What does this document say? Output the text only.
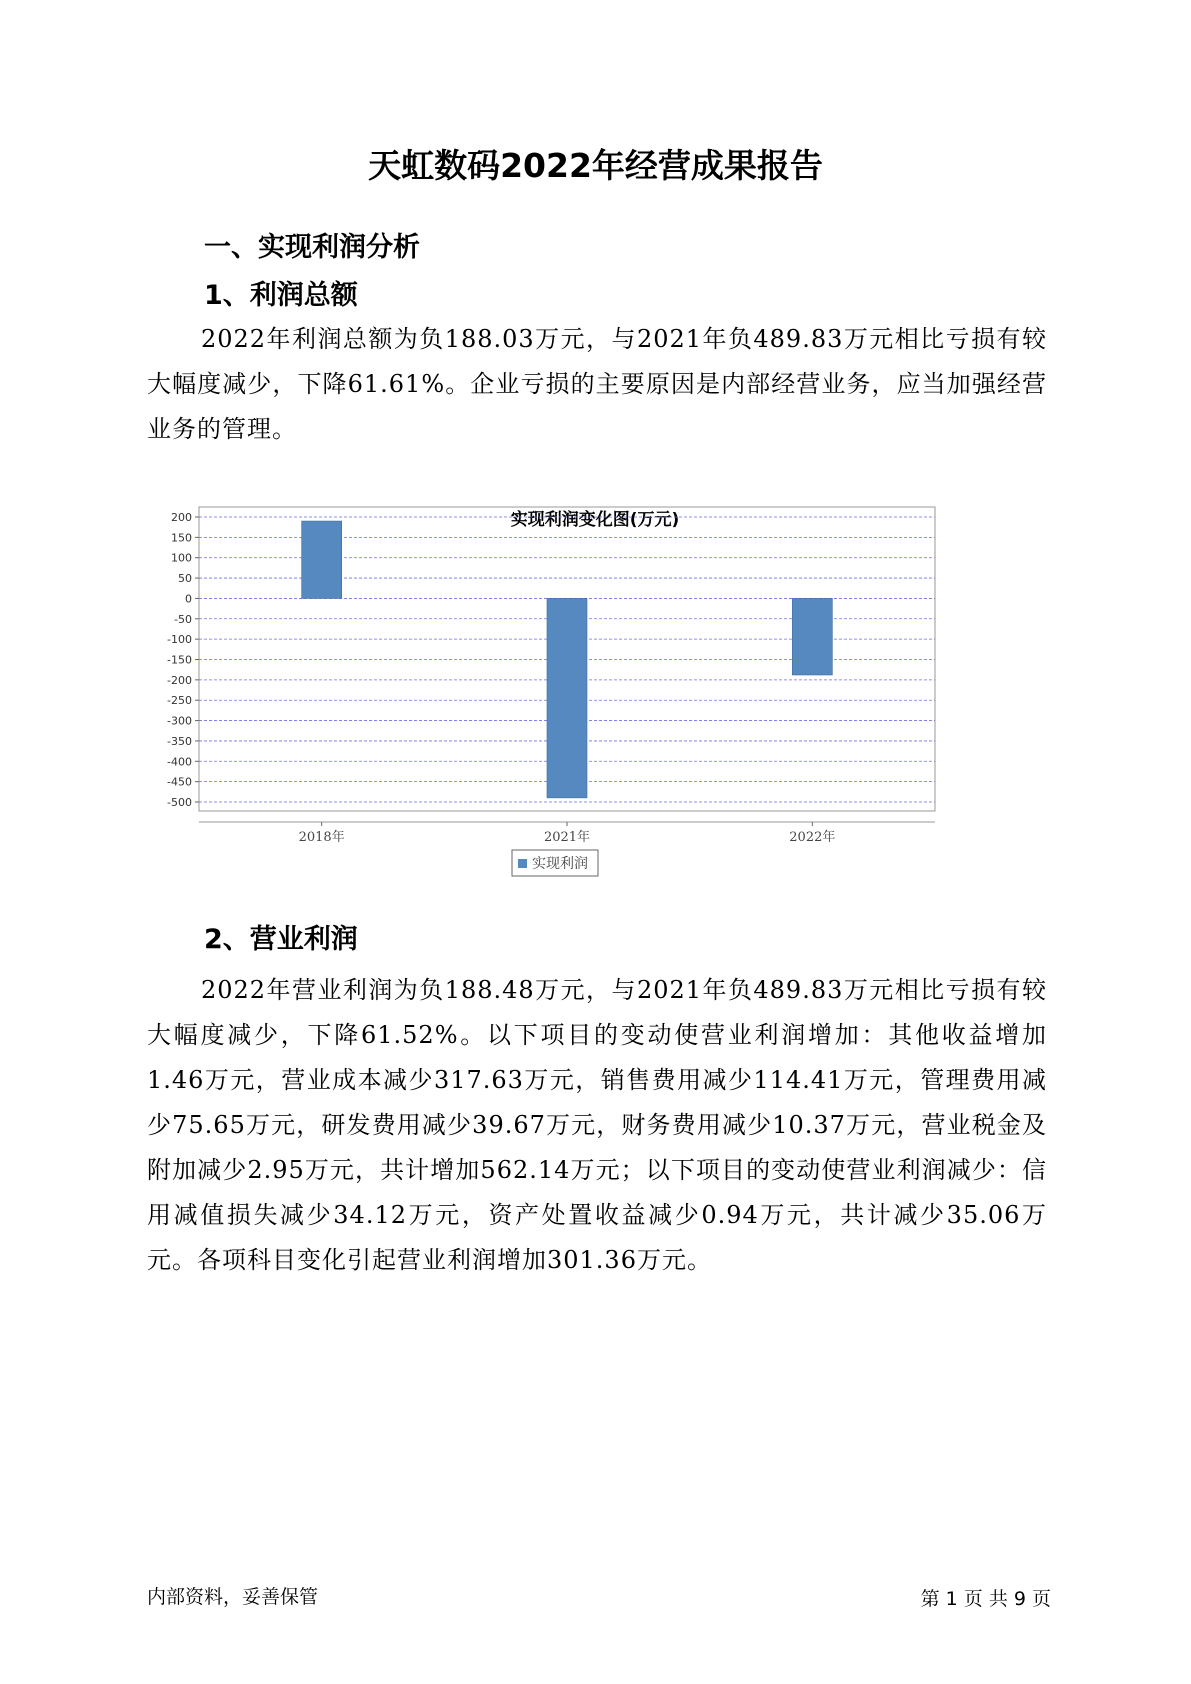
天虹数码2022年经营成果报告
一、实现利润分析
1、利润总额
2022年利润总额为负188.03万元，与2021年负489.83万元相比亏损有较大幅度减少，下降61.61%。企业亏损的主要原因是内部经营业务，应当加强经营业务的管理。
实现利润变化图(万元)
200
150
100
50
0
-50
-100
-150
-200
-250
-300
-350
-400
-450
-500
2018年	2021年	2022年
实现利润
2、营业利润
2022年营业利润为负188.48万元，与2021年负489.83万元相比亏损有较大幅度减少，下降61.52%。以下项目的变动使营业利润增加：其他收益增加1.46万元，营业成本减少317.63万元，销售费用减少114.41万元，管理费用减少75.65万元，研发费用减少39.67万元，财务费用减少10.37万元，营业税金及附加减少2.95万元，共计增加562.14万元；以下项目的变动使营业利润减少：信用减值损失减少34.12万元，资产处置收益减少0.94万元，共计减少35.06万元。各项科目变化引起营业利润增加301.36万元。
内部资料，妥善保管	第 1 页 共 9 页
